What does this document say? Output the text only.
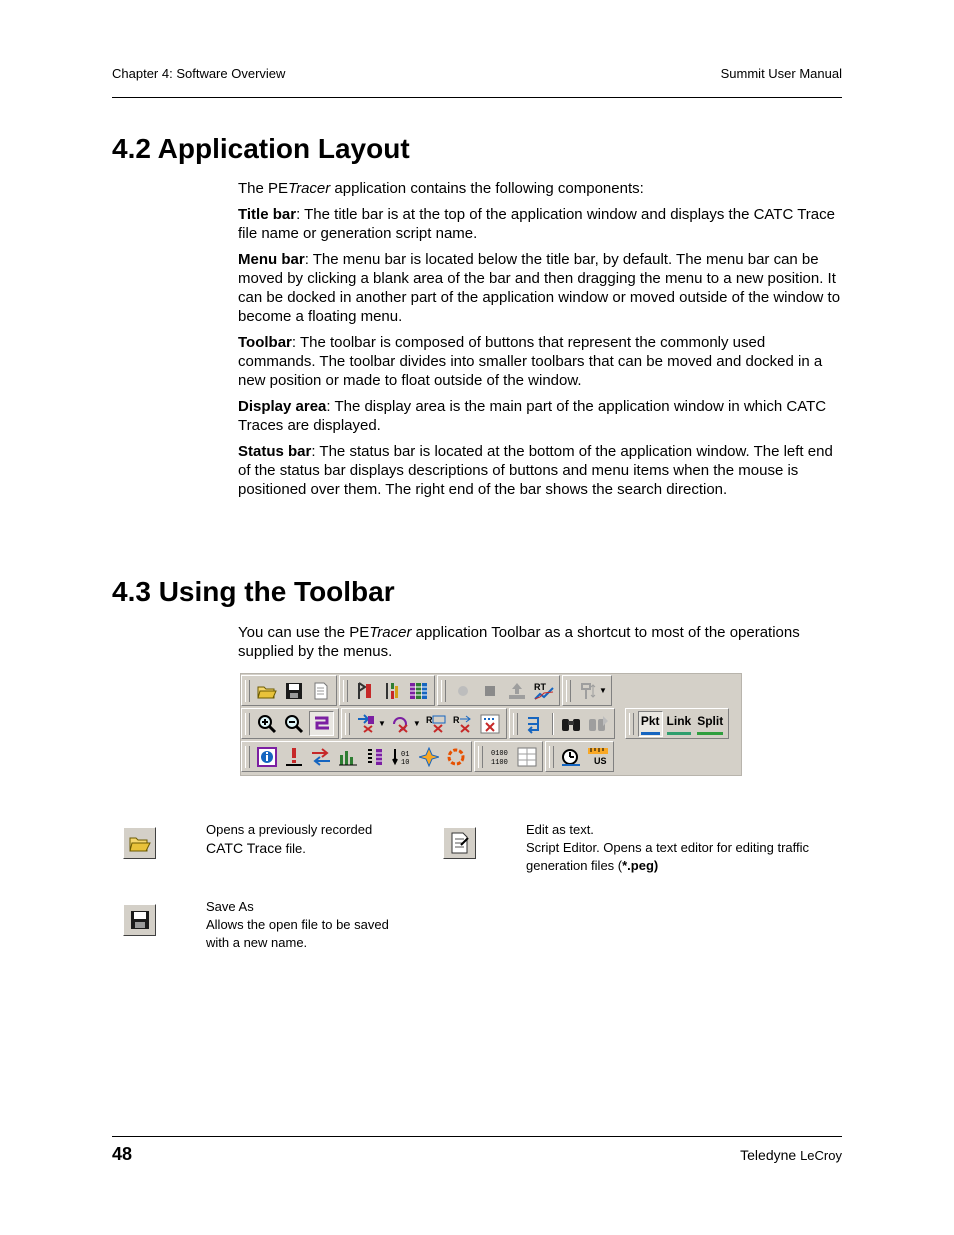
Chapter 4: Software Overview	Summit User Manual
4.2 Application Layout

The PETracer application contains the following components:

Title bar: The title bar is at the top of the application window and displays the CATC Trace file name or generation script name.

Menu bar: The menu bar is located below the title bar, by default. The menu bar can be moved by clicking a blank area of the bar and then dragging the menu to a new position. It can be docked in another part of the application window or moved outside of the window to become a floating menu.

Toolbar: The toolbar is composed of buttons that represent the commonly used commands. The toolbar divides into smaller toolbars that can be moved and docked in a new position or made to float outside of the window.

Display area: The display area is the main part of the application window in which CATC Traces are displayed.

Status bar: The status bar is located at the bottom of the application window. The left end of the status bar displays descriptions of buttons and menu items when the mouse is positioned over them. The right end of the bar shows the search direction.

4.3 Using the Toolbar

You can use the PETracer application Toolbar as a shortcut to most of the operations supplied by the menus.

RT	▼
▼	▼ R R	Pkt Link Split
01
10
0100
1100	US
Opens a previously recorded
CATC Trace file.
Edit as text.
Script Editor. Opens a text editor for editing traffic
generation files (*.peg)
Save As
Allows the open file to be saved
with a new name.
48	Teledyne LeCroy
